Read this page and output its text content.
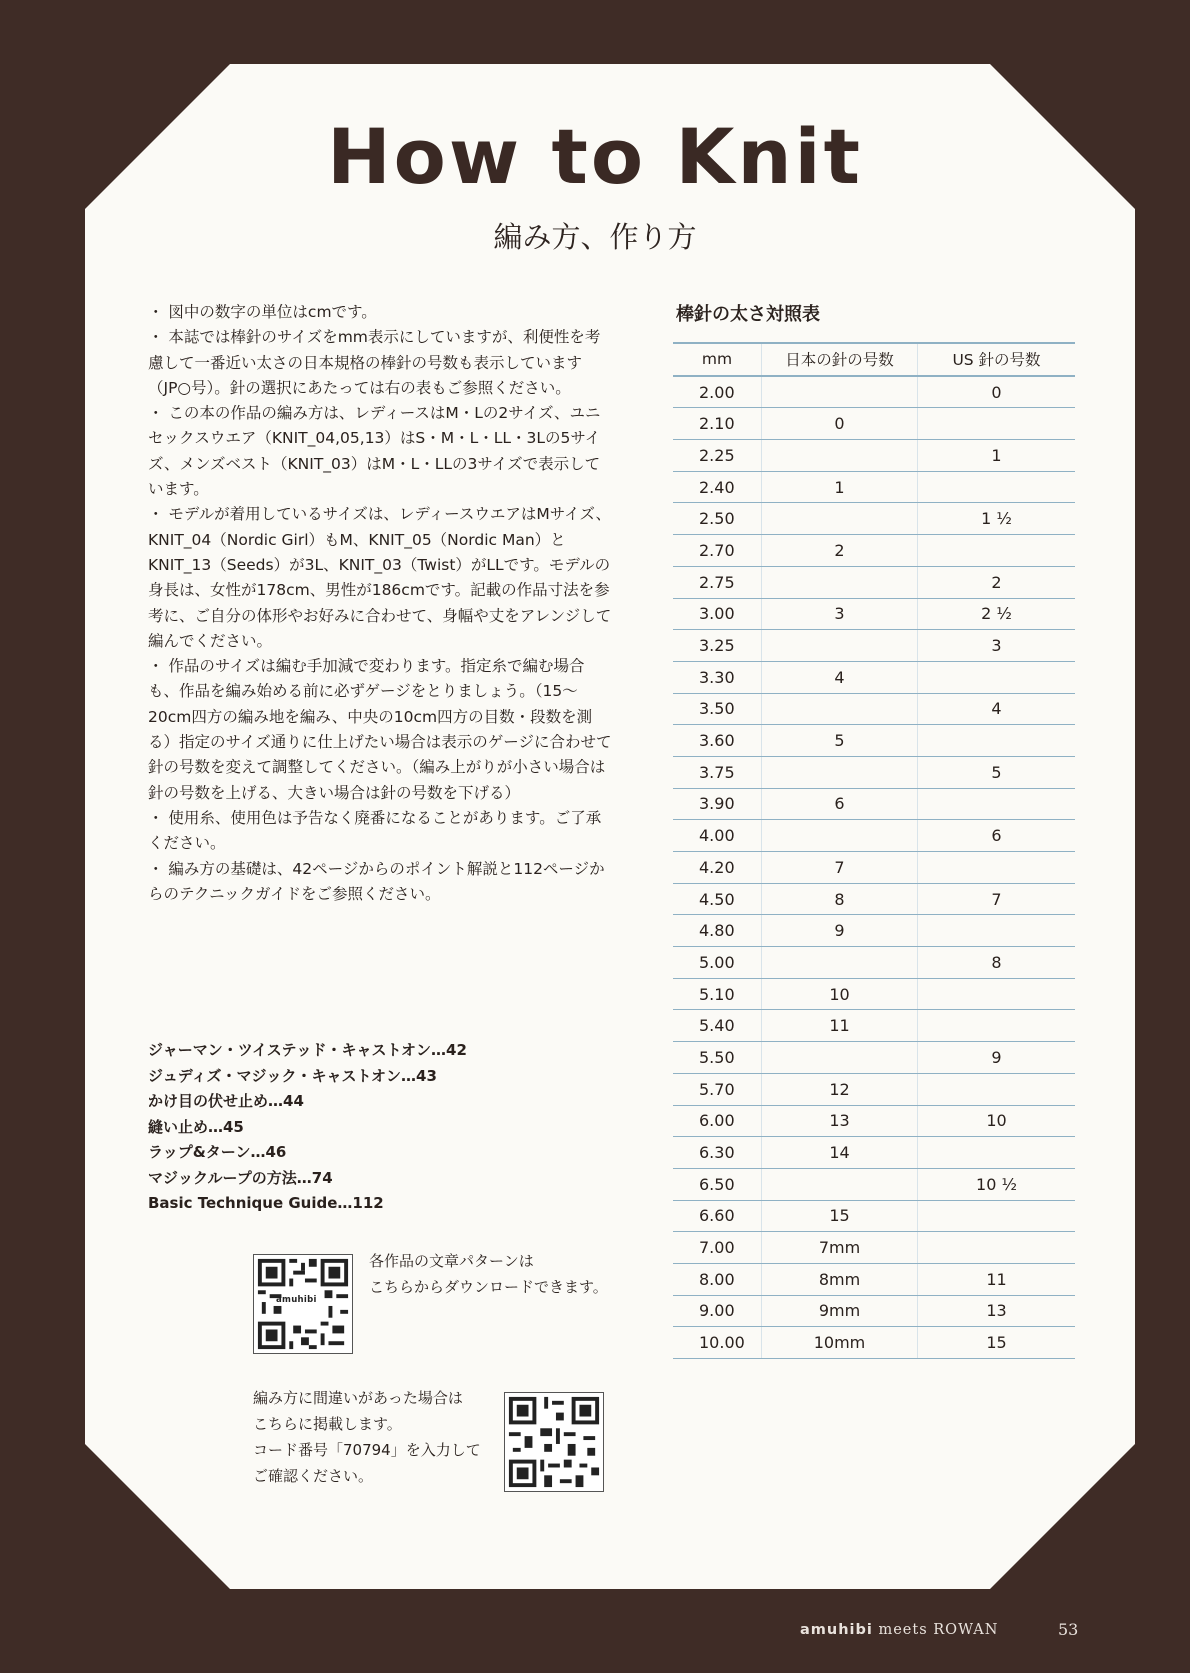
How to Knit
編み方、作り方

・ 図中の数字の単位はcmです。

・ 本誌では棒針のサイズをmm表示にしていますが、利便性を考慮して一番近い太さの日本規格の棒針の号数も表示しています（JP○号）。針の選択にあたっては右の表もご参照ください。

・ この本の作品の編み方は、レディースはM・Lの2サイズ、ユニセックスウエア（KNIT_04,05,13）はS・M・L・LL・3Lの5サイズ、メンズベスト（KNIT_03）はM・L・LLの3サイズで表示しています。

・ モデルが着用しているサイズは、レディースウエアはMサイズ、KNIT_04（Nordic Girl）もM、KNIT_05（Nordic Man）とKNIT_13（Seeds）が3L、KNIT_03（Twist）がLLです。モデルの身長は、女性が178cm、男性が186cmです。記載の作品寸法を参考に、ご自分の体形やお好みに合わせて、身幅や丈をアレンジして編んでください。

・ 作品のサイズは編む手加減で変わります。指定糸で編む場合も、作品を編み始める前に必ずゲージをとりましょう。（15～20cm四方の編み地を編み、中央の10cm四方の目数・段数を測る）指定のサイズ通りに仕上げたい場合は表示のゲージに合わせて針の号数を変えて調整してください。（編み上がりが小さい場合は針の号数を上げる、大きい場合は針の号数を下げる）

・ 使用糸、使用色は予告なく廃番になることがあります。ご了承ください。

・ 編み方の基礎は、42ページからのポイント解説と112ページからのテクニックガイドをご参照ください。

ジャーマン・ツイステッド・キャストオン…42
ジュディズ・マジック・キャストオン…43
かけ目の伏せ止め…44
縫い止め…45
ラップ&ターン…46
マジックループの方法…74
Basic Technique Guide…112
amuhibi
各作品の文章パターンは
こちらからダウンロードできます。
編み方に間違いがあった場合は
こちらに掲載します。
コード番号「70794」を入力して
ご確認ください。
棒針の太さ対照表
mm	日本の針の号数	US 針の号数
2.00		0
2.10	0	
2.25		1
2.40	1	
2.50		1 ½
2.70	2	
2.75		2
3.00	3	2 ½
3.25		3
3.30	4	
3.50		4
3.60	5	
3.75		5
3.90	6	
4.00		6
4.20	7	
4.50	8	7
4.80	9	
5.00		8
5.10	10	
5.40	11	
5.50		9
5.70	12	
6.00	13	10
6.30	14	
6.50		10 ½
6.60	15	
7.00	7mm	
8.00	8mm	11
9.00	9mm	13
10.00	10mm	15
amuhibi meets ROWAN	53
